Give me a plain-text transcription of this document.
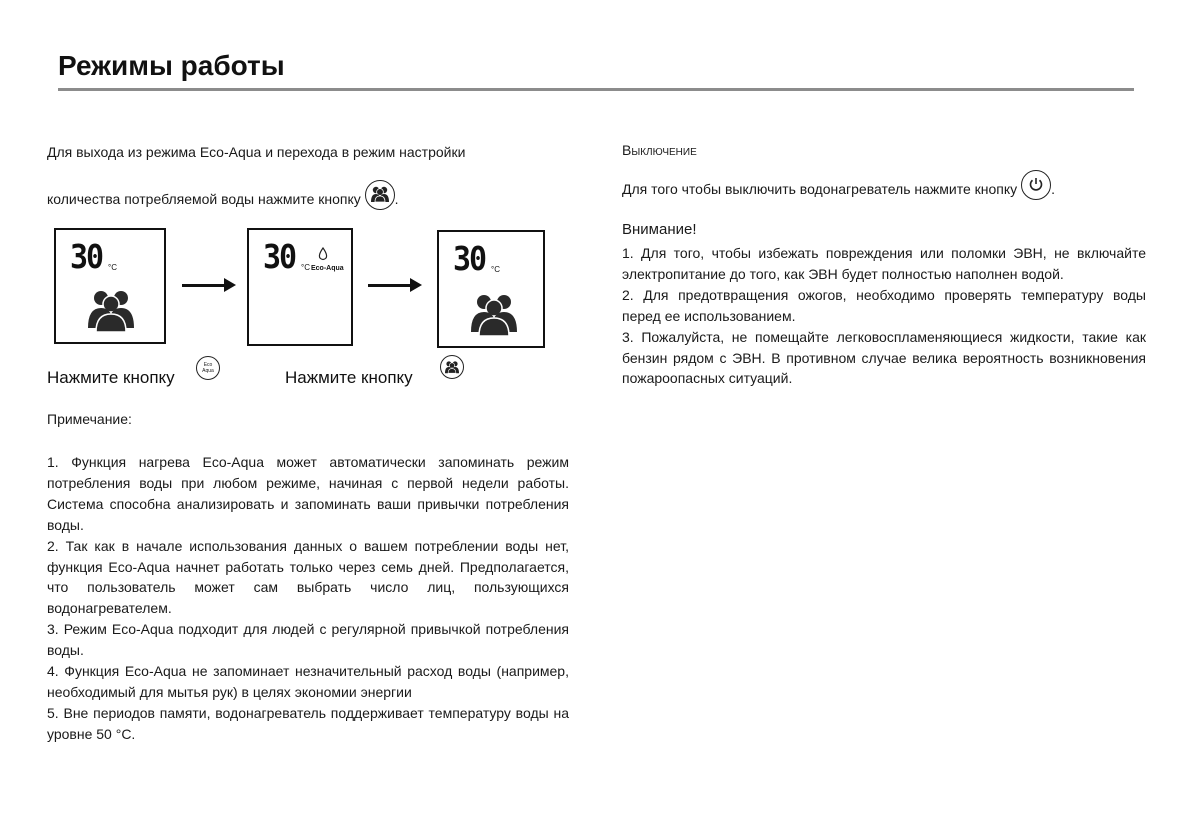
Режимы работы
Для выхода из режима Eco-Aqua и перехода в режим настройки
количества потребляемой воды нажмите кнопку .
30 °C	30 °C Eco-Aqua	30 °C
Нажмите кнопку
Eco
Aqua	Нажмите кнопку
Примечание:

1. Функция нагрева Eco-Aqua может автоматически запоминать режим потребления воды при любом режиме, начиная с первой недели работы. Система способна анализировать и запоминать ваши привычки потребления воды.

2. Так как в начале использования данных о вашем потреблении воды нет, функция Eco-Aqua начнет работать только через семь дней. Предполагается, что пользователь может сам выбрать число лиц, пользующихся водонагревателем.

3. Режим Eco-Aqua подходит для людей с регулярной привычкой потребления воды.

4. Функция Eco-Aqua не запоминает незначительный расход воды (например, необходимый для мытья рук) в целях экономии энергии

5. Вне периодов памяти, водонагреватель поддерживает температуру воды на уровне 50 °C.

Выключение
Для того чтобы выключить водонагреватель нажмите кнопку .
Внимание!

1. Для того, чтобы избежать повреждения или поломки ЭВН, не включайте электропитание до того, как ЭВН будет полностью наполнен водой.

2. Для предотвращения ожогов, необходимо проверять температуру воды перед ее использованием.

3. Пожалуйста, не помещайте легковоспламеняющиеся жидкости, такие как бензин рядом с ЭВН. В противном случае велика вероятность возникновения пожароопасных ситуаций.
